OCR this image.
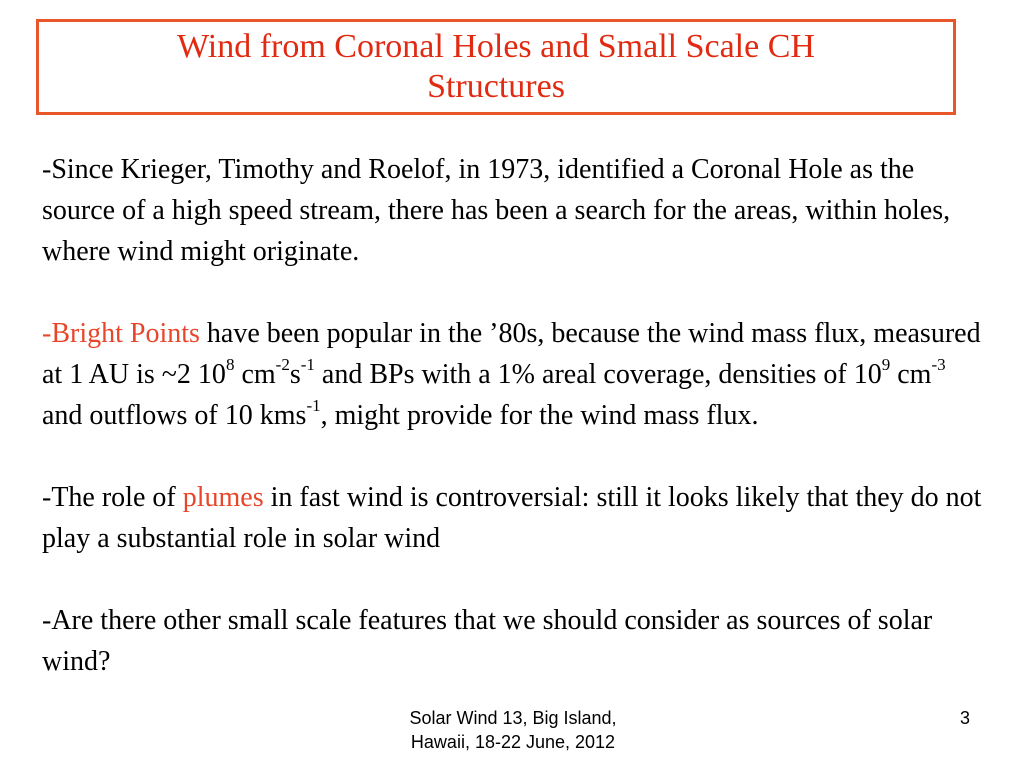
Wind from Coronal Holes and Small Scale CH
Structures

-Since Krieger, Timothy and Roelof, in 1973, identified a Coronal Hole as the source of a high speed stream, there has been a search for the areas, within holes, where wind might originate.

-Bright Points have been popular in the ’80s, because the wind mass flux, measured at 1 AU is ~2 $10^8$ $cm^{-2}s^{-1}$ and BPs with a 1% areal coverage, densities of $10^9$ $cm^{-3}$ and outflows of 10 kms$^{-1}$, might provide for the wind mass flux.

-The role of plumes in fast wind is controversial: still it looks likely that they do not play a substantial role in solar wind

-Are there other small scale features that we should consider as sources of solar wind?

Solar Wind 13, Big Island,
Hawaii, 18-22 June, 2012
3
